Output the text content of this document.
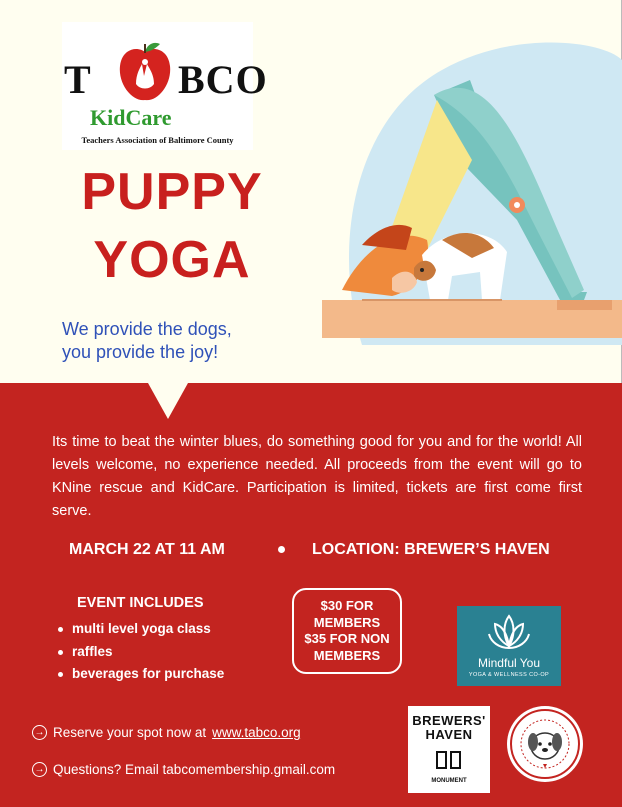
T BCO
KidCare
Teachers Association of Baltimore County
PUPPY
YOGA
We provide the dogs,
you provide the joy!
Its time to beat the winter blues, do something good for you and for the world! All levels welcome, no experience needed. All proceeds from the event will go to KNine rescue and KidCare. Participation is limited, tickets are first come first serve.
MARCH 22 AT 11 AM	LOCATION: BREWER’S HAVEN
EVENT INCLUDES
multi level yoga class
raffles
beverages for purchase
$30 FOR
MEMBERS
$35 FOR NON
MEMBERS
Mindful You
YOGA & WELLNESS CO-OP
→ Reserve your spot now at www.tabco.org
→ Questions? Email tabcomembership.gmail.com
BREWERS'
HAVEN
MONUMENT
